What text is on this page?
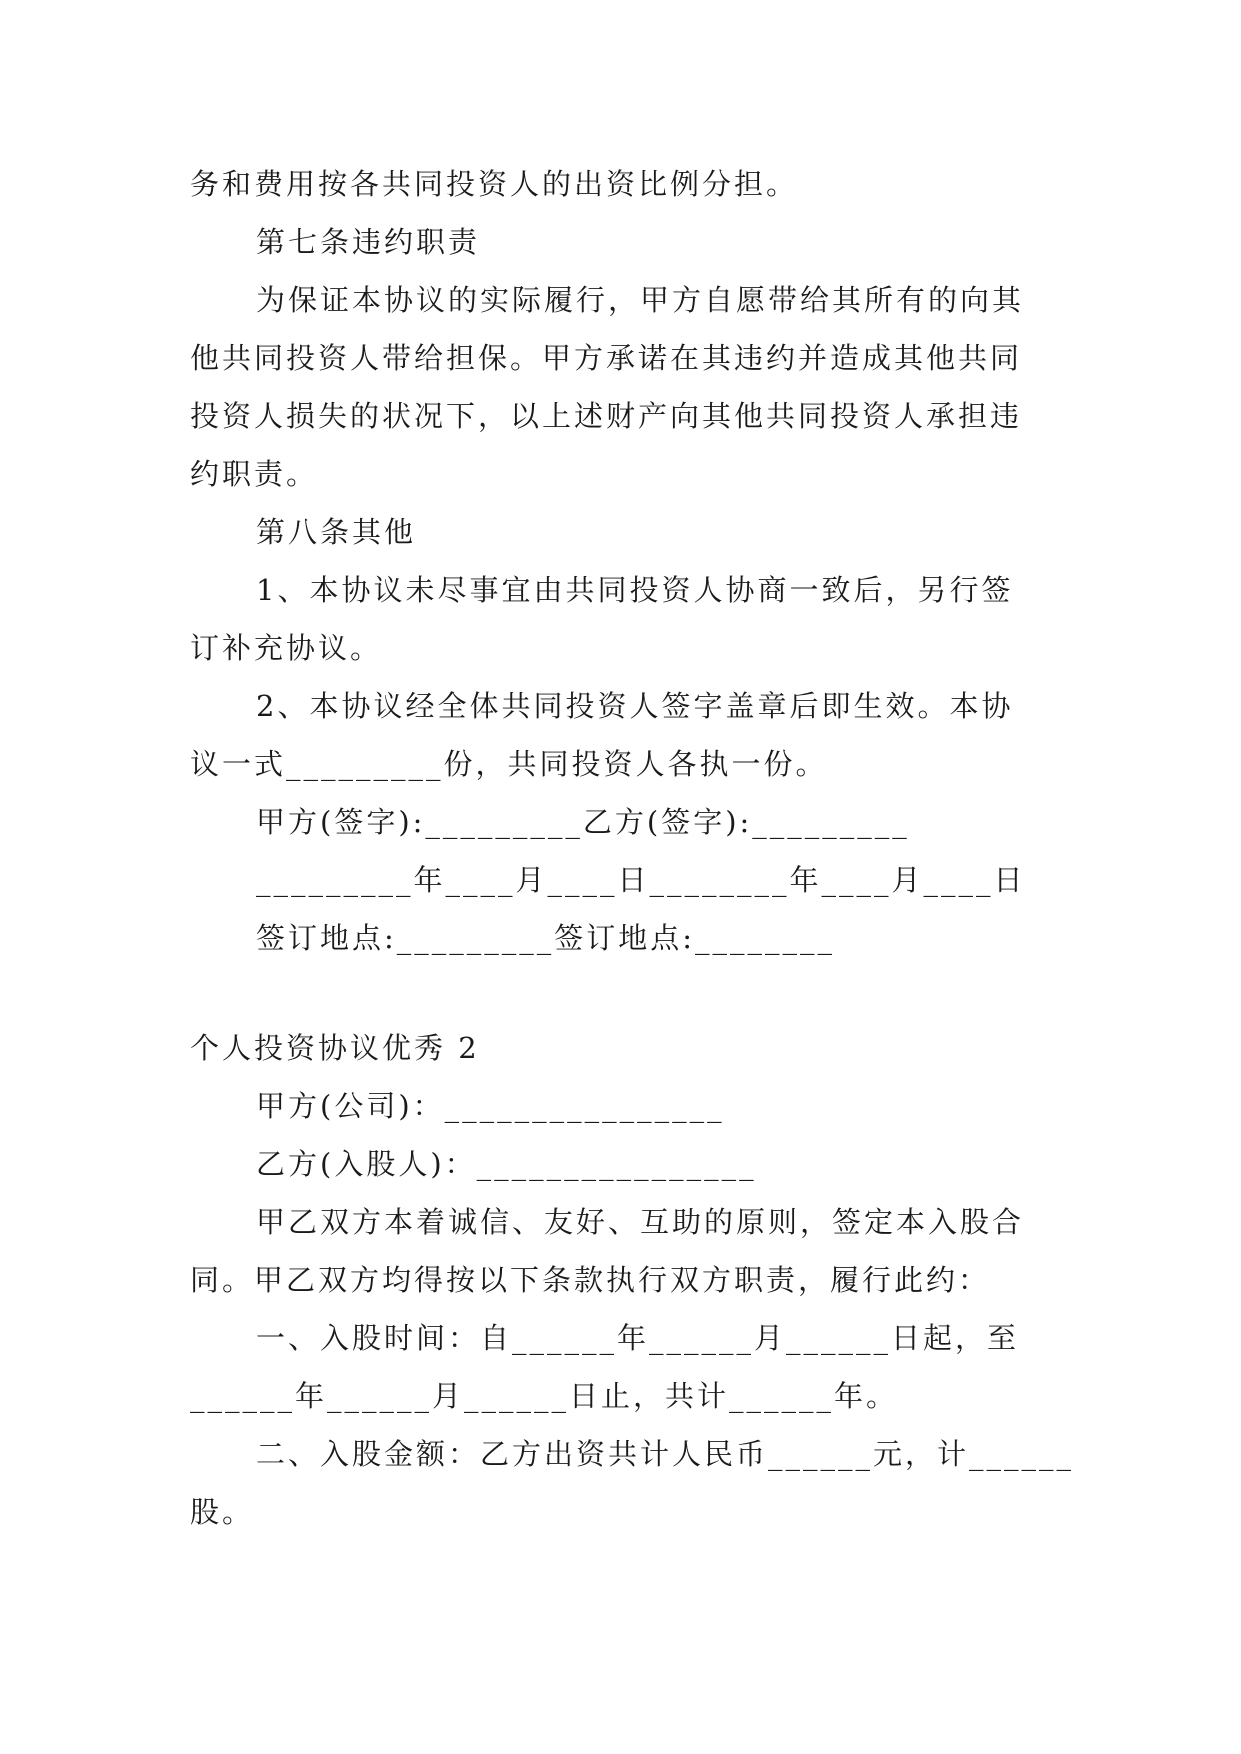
务和费用按各共同投资人的出资比例分担。
第七条违约职责
为保证本协议的实际履行，甲方自愿带给其所有的向其
他共同投资人带给担保。甲方承诺在其违约并造成其他共同
投资人损失的状况下，以上述财产向其他共同投资人承担违
约职责。
第八条其他
1、本协议未尽事宜由共同投资人协商一致后，另行签
订补充协议。
2、本协议经全体共同投资人签字盖章后即生效。本协
议一式_________份，共同投资人各执一份。
甲方(签字):_________乙方(签字):_________
_________年____月____日________年____月____日
签订地点:_________签订地点:________
个人投资协议优秀 2
甲方(公司)：________________
乙方(入股人)：________________
甲乙双方本着诚信、友好、互助的原则，签定本入股合
同。甲乙双方均得按以下条款执行双方职责，履行此约：
一、入股时间：自______年______月______日起，至
______年______月______日止，共计______年。
二、入股金额：乙方出资共计人民币______元，计______
股。
